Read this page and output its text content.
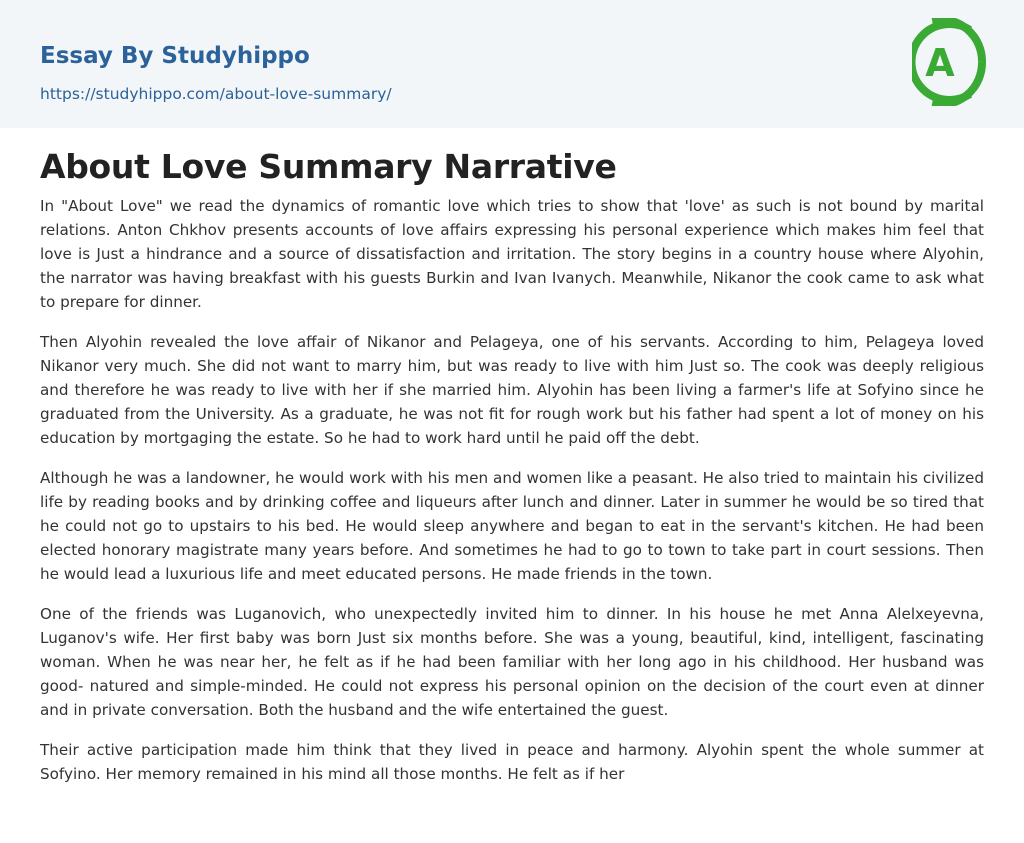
Essay By Studyhippo
https://studyhippo.com/about-love-summary/
A
About Love Summary Narrative

In "About Love" we read the dynamics of romantic love which tries to show that 'love' as such is not bound by marital relations. Anton Chkhov presents accounts of love affairs expressing his personal experience which makes him feel that love is Just a hindrance and a source of dissatisfaction and irritation. The story begins in a country house where Alyohin, the narrator was having breakfast with his guests Burkin and Ivan Ivanych. Meanwhile, Nikanor the cook came to ask what to prepare for dinner.

Then Alyohin revealed the love affair of Nikanor and Pelageya, one of his servants. According to him, Pelageya loved Nikanor very much. She did not want to marry him, but was ready to live with him Just so. The cook was deeply religious and therefore he was ready to live with her if she married him. Alyohin has been living a farmer's life at Sofyino since he graduated from the University. As a graduate, he was not fit for rough work but his father had spent a lot of money on his education by mortgaging the estate. So he had to work hard until he paid off the debt.

Although he was a landowner, he would work with his men and women like a peasant. He also tried to maintain his civilized life by reading books and by drinking coffee and liqueurs after lunch and dinner. Later in summer he would be so tired that he could not go to upstairs to his bed. He would sleep anywhere and began to eat in the servant's kitchen. He had been elected honorary magistrate many years before. And sometimes he had to go to town to take part in court sessions. Then he would lead a luxurious life and meet educated persons. He made friends in the town.

One of the friends was Luganovich, who unexpectedly invited him to dinner. In his house he met Anna Alelxeyevna, Luganov's wife. Her first baby was born Just six months before. She was a young, beautiful, kind, intelligent, fascinating woman. When he was near her, he felt as if he had been familiar with her long ago in his childhood. Her husband was good- natured and simple-minded. He could not express his personal opinion on the decision of the court even at dinner and in private conversation. Both the husband and the wife entertained the guest.

Their active participation made him think that they lived in peace and harmony. Alyohin spent the whole summer at Sofyino. Her memory remained in his mind all those months. He felt as if her
